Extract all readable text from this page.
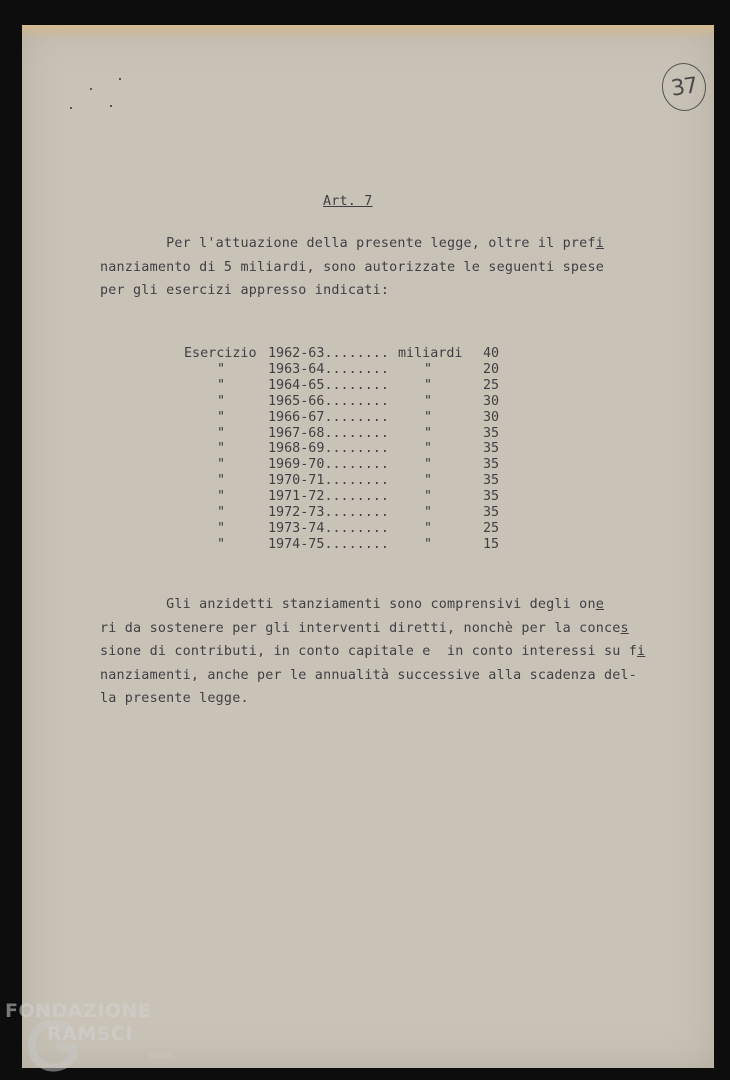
37
Art. 7
Per l'attuazione della presente legge, oltre il prefi
nanziamento di 5 miliardi, sono autorizzate le seguenti spese
per gli esercizi appresso indicati:
Esercizio 1962-63........ miliardi 40
"	1963-64........	"	20
"	1964-65........	"	25
"	1965-66........	"	30
"	1966-67........	"	30
"	1967-68........	"	35
"	1968-69........	"	35
"	1969-70........	"	35
"	1970-71........	"	35
"	1971-72........	"	35
"	1972-73........	"	35
"	1973-74........	"	25
"	1974-75........	"	15
Gli anzidetti stanziamenti sono comprensivi degli one
ri da sostenere per gli interventi diretti, nonchè per la conces
sione di contributi, in conto capitale e  in conto interessi su fi
nanziamenti, anche per le annualità successive alla scadenza del-
la presente legge.
FONDAZIONE
RAMSCI
onlus
